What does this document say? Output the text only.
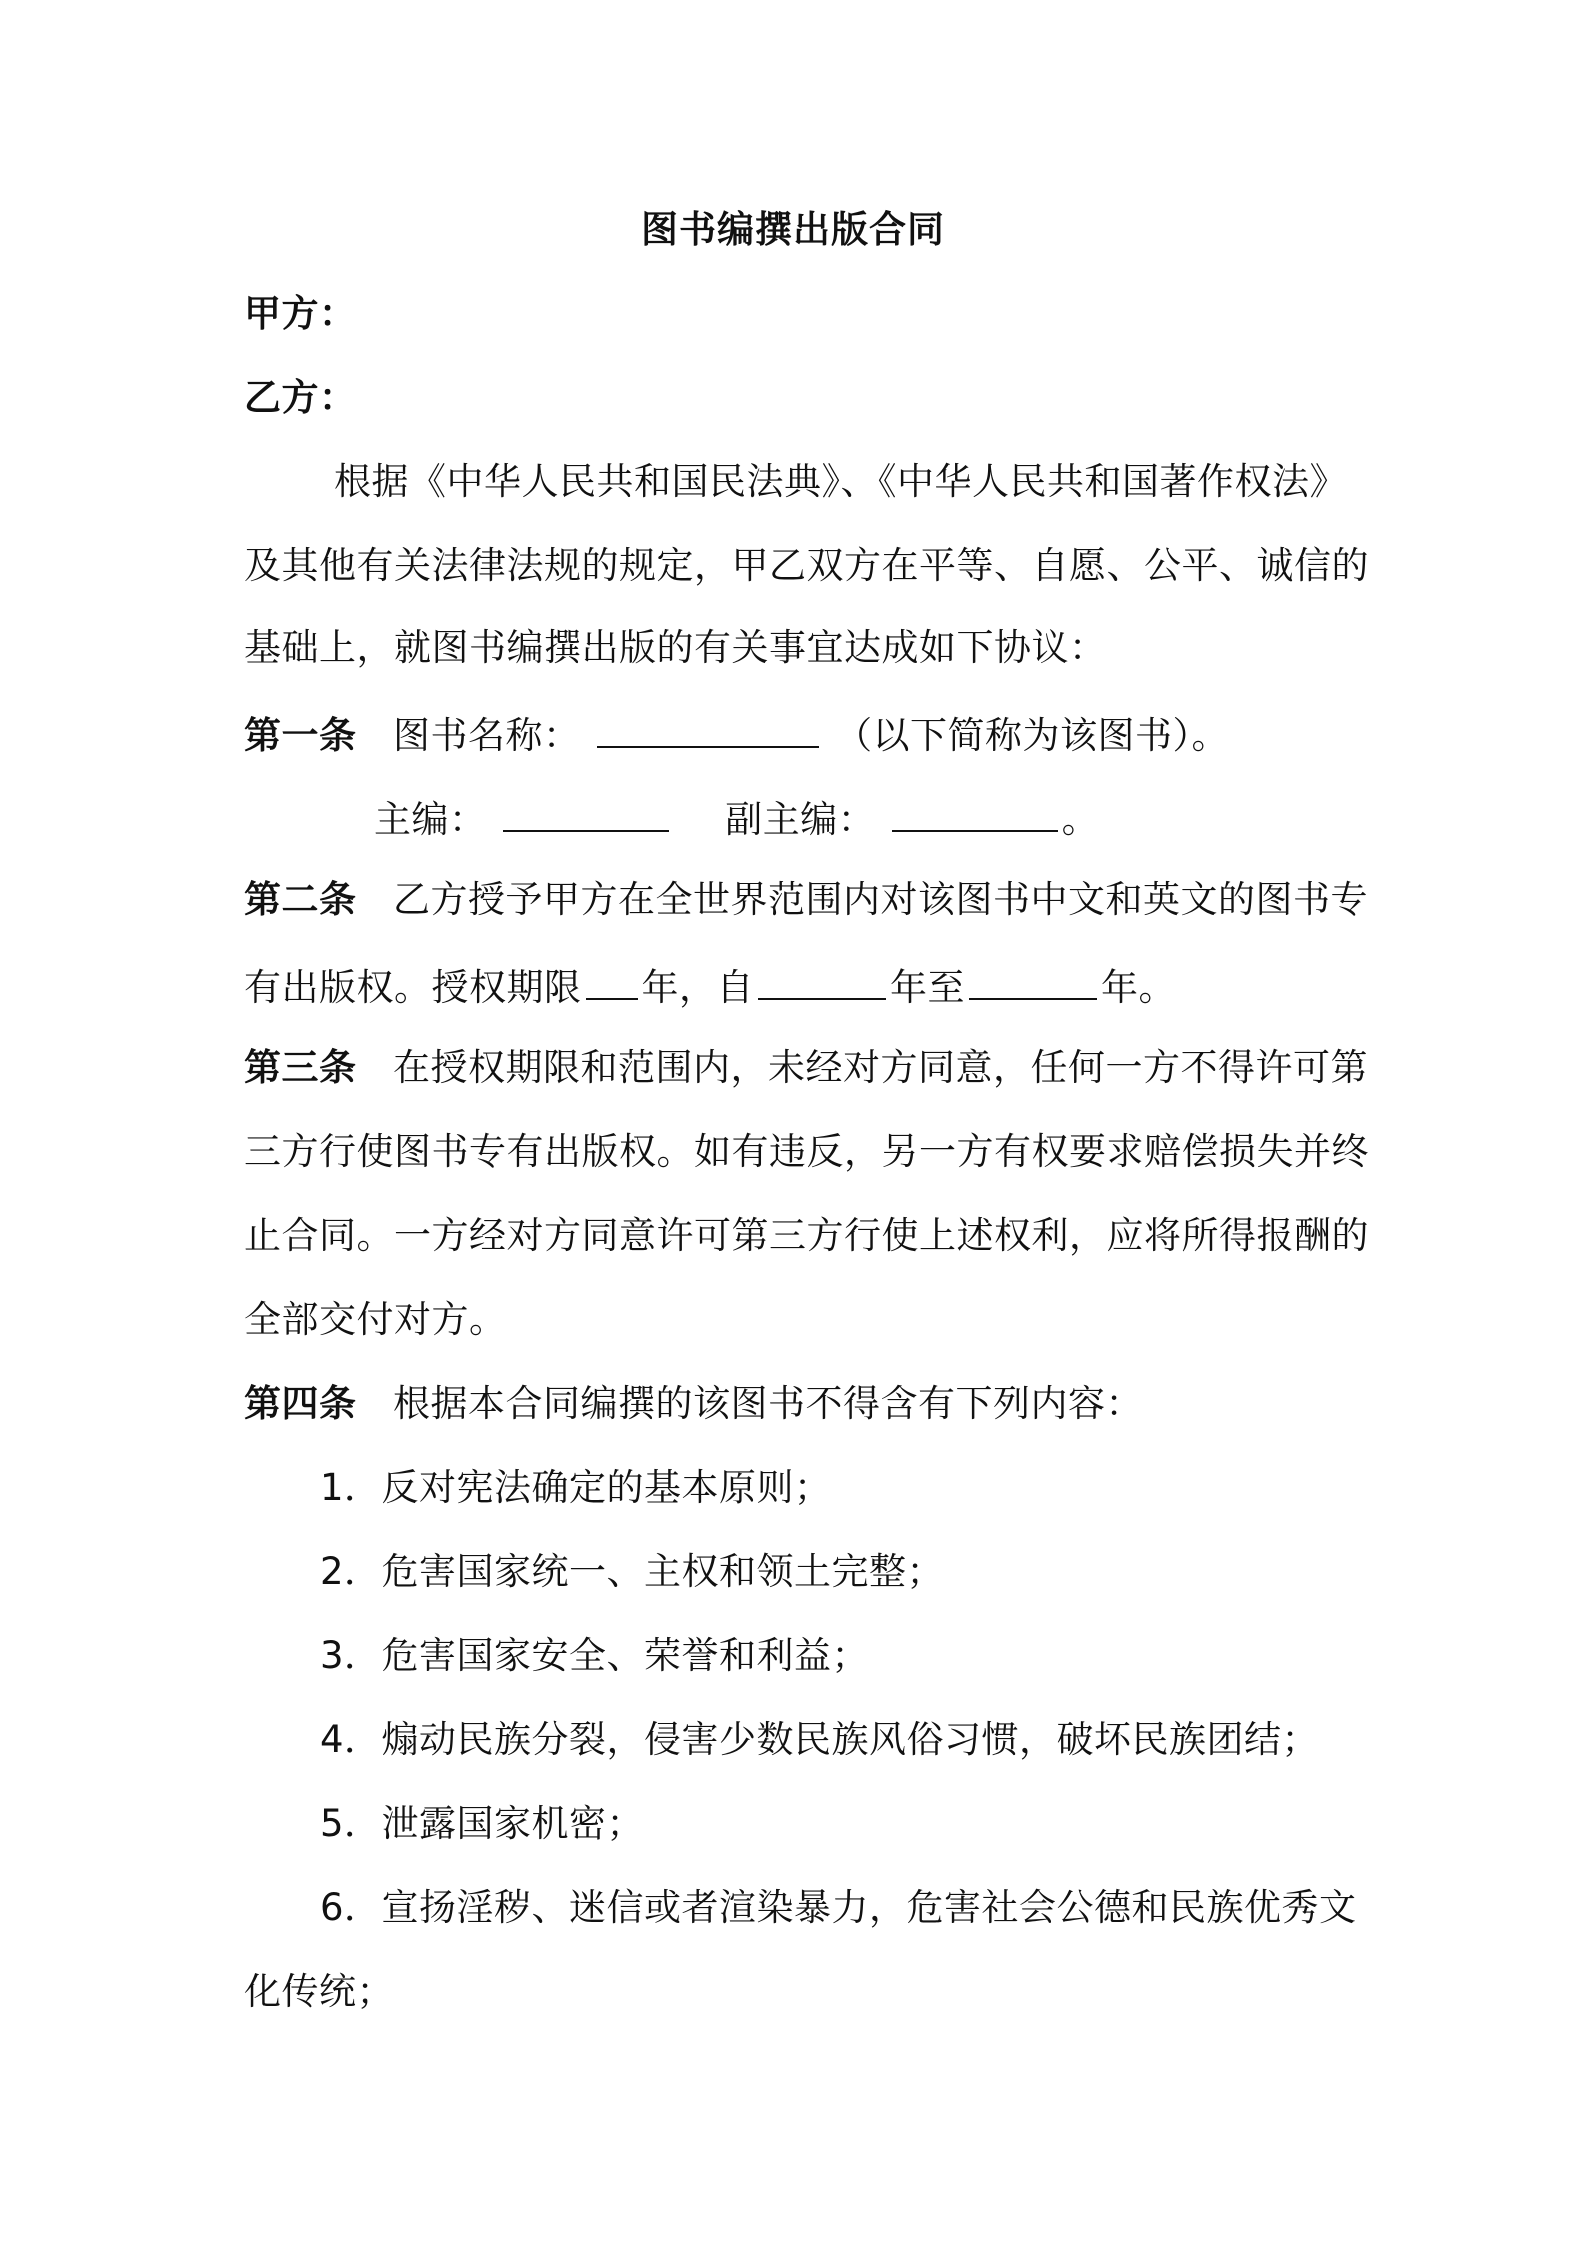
图书编撰出版合同
甲方：
乙方：
根据《中华人民共和国民法典》、《中华人民共和国著作权法》
及其他有关法律法规的规定，甲乙双方在平等、自愿、公平、诚信的
基础上，就图书编撰出版的有关事宜达成如下协议：
第一条 图书名称：	（以下简称为该图书）。
主编：	副主编：	。
第二条 乙方授予甲方在全世界范围内对该图书中文和英文的图书专
有出版权。授权期限 年，自	年至	年。
第三条 在授权期限和范围内，未经对方同意，任何一方不得许可第
三方行使图书专有出版权。如有违反，另一方有权要求赔偿损失并终
止合同。一方经对方同意许可第三方行使上述权利，应将所得报酬的
全部交付对方。
第四条 根据本合同编撰的该图书不得含有下列内容：
1．反对宪法确定的基本原则；
2．危害国家统一、主权和领土完整；
3．危害国家安全、荣誉和利益；
4．煽动民族分裂，侵害少数民族风俗习惯，破坏民族团结；
5．泄露国家机密；
6．宣扬淫秽、迷信或者渲染暴力，危害社会公德和民族优秀文
化传统；
